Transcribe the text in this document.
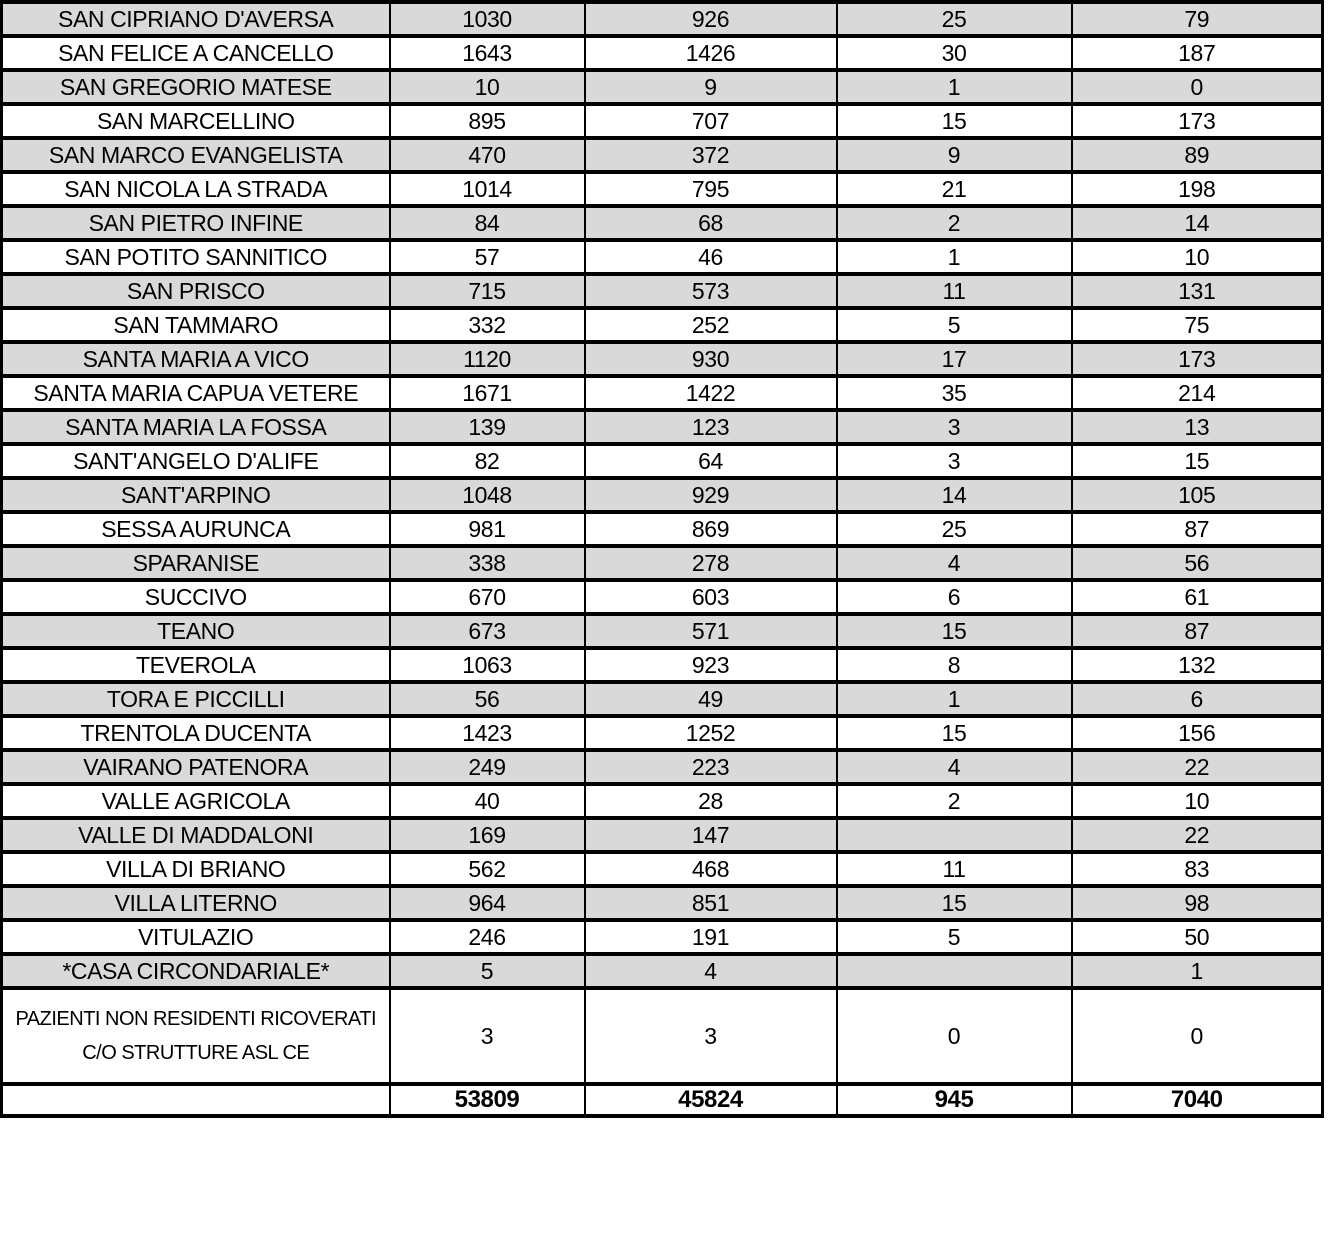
SAN CIPRIANO D'AVERSA	1030	926	25	79
SAN FELICE A CANCELLO	1643	1426	30	187
SAN GREGORIO MATESE	10	9	1	0
SAN MARCELLINO	895	707	15	173
SAN MARCO EVANGELISTA	470	372	9	89
SAN NICOLA LA STRADA	1014	795	21	198
SAN PIETRO INFINE	84	68	2	14
SAN POTITO SANNITICO	57	46	1	10
SAN PRISCO	715	573	11	131
SAN TAMMARO	332	252	5	75
SANTA MARIA A VICO	1120	930	17	173
SANTA MARIA CAPUA VETERE	1671	1422	35	214
SANTA MARIA LA FOSSA	139	123	3	13
SANT'ANGELO D'ALIFE	82	64	3	15
SANT'ARPINO	1048	929	14	105
SESSA AURUNCA	981	869	25	87
SPARANISE	338	278	4	56
SUCCIVO	670	603	6	61
TEANO	673	571	15	87
TEVEROLA	1063	923	8	132
TORA E PICCILLI	56	49	1	6
TRENTOLA DUCENTA	1423	1252	15	156
VAIRANO PATENORA	249	223	4	22
VALLE AGRICOLA	40	28	2	10
VALLE DI MADDALONI	169	147		22
VILLA DI BRIANO	562	468	11	83
VILLA LITERNO	964	851	15	98
VITULAZIO	246	191	5	50
*CASA CIRCONDARIALE*	5	4		1
PAZIENTI NON RESIDENTI RICOVERATI C/O STRUTTURE ASL CE	3	3	0	0
	53809	45824	945	7040
